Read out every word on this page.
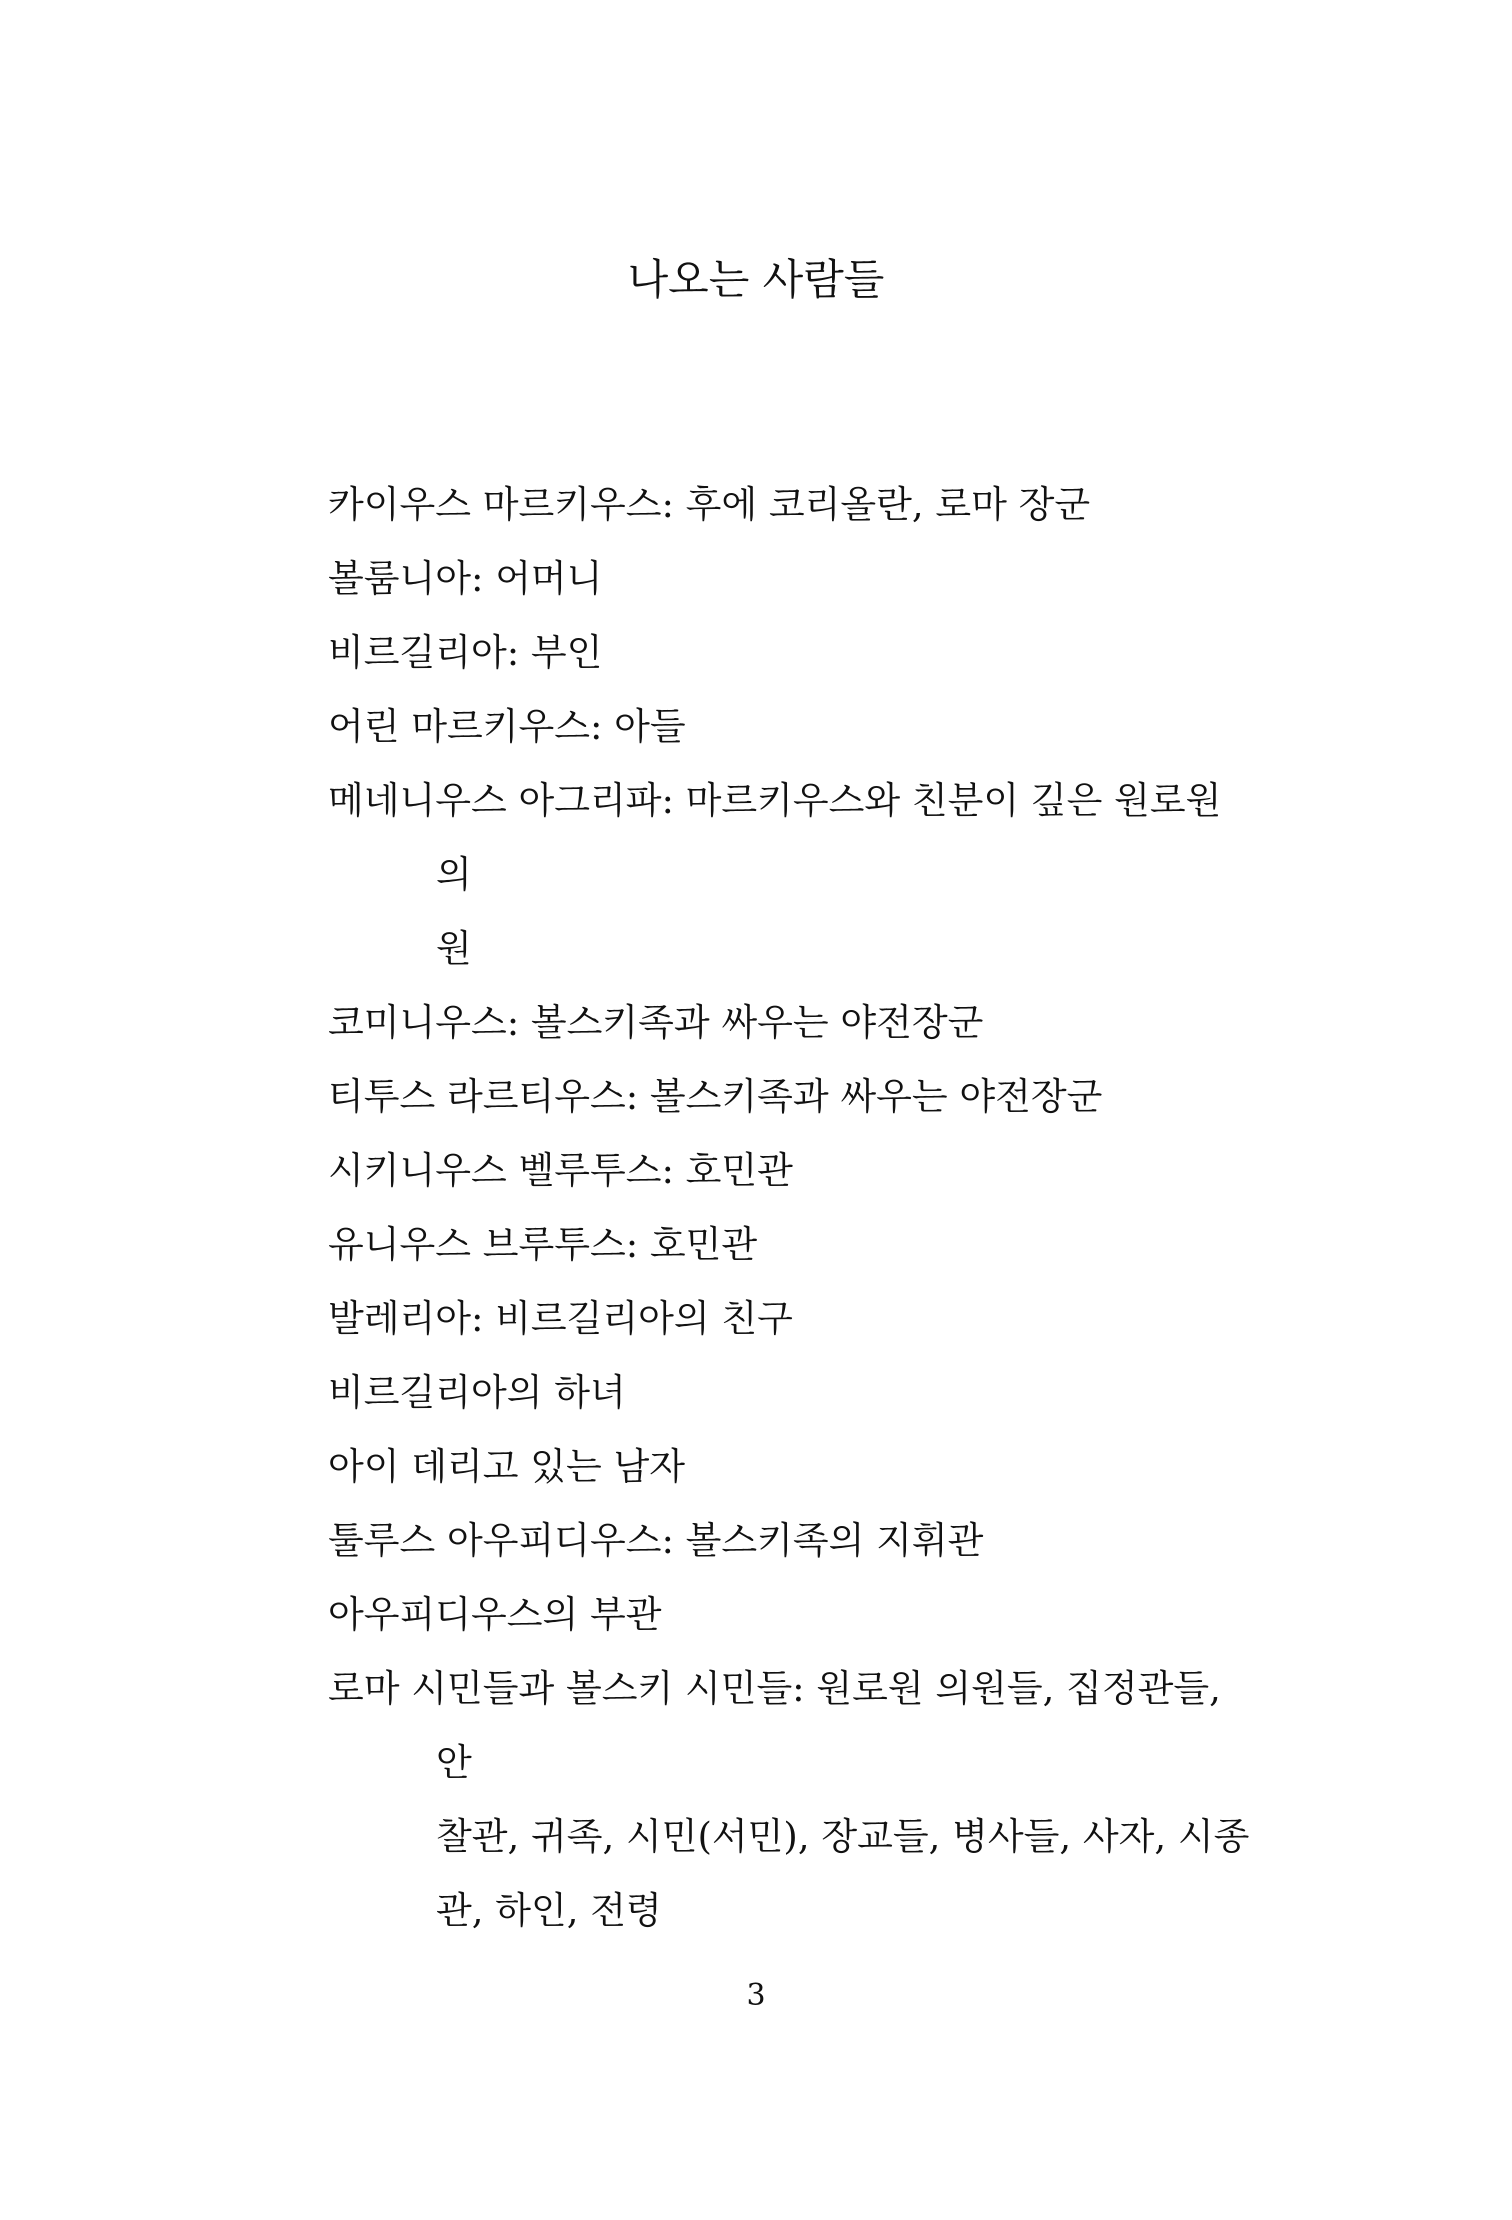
나오는 사람들
카이우스 마르키우스: 후에 코리올란, 로마 장군
볼룸니아: 어머니
비르길리아: 부인
어린 마르키우스: 아들
메네니우스 아그리파: 마르키우스와 친분이 깊은 원로원 의
원
코미니우스: 볼스키족과 싸우는 야전장군
티투스 라르티우스: 볼스키족과 싸우는 야전장군
시키니우스 벨루투스: 호민관
유니우스 브루투스: 호민관
발레리아: 비르길리아의 친구
비르길리아의 하녀
아이 데리고 있는 남자
툴루스 아우피디우스: 볼스키족의 지휘관
아우피디우스의 부관
로마 시민들과 볼스키 시민들: 원로원 의원들, 집정관들, 안
찰관, 귀족, 시민(서민), 장교들, 병사들, 사자, 시종
관, 하인, 전령
3
